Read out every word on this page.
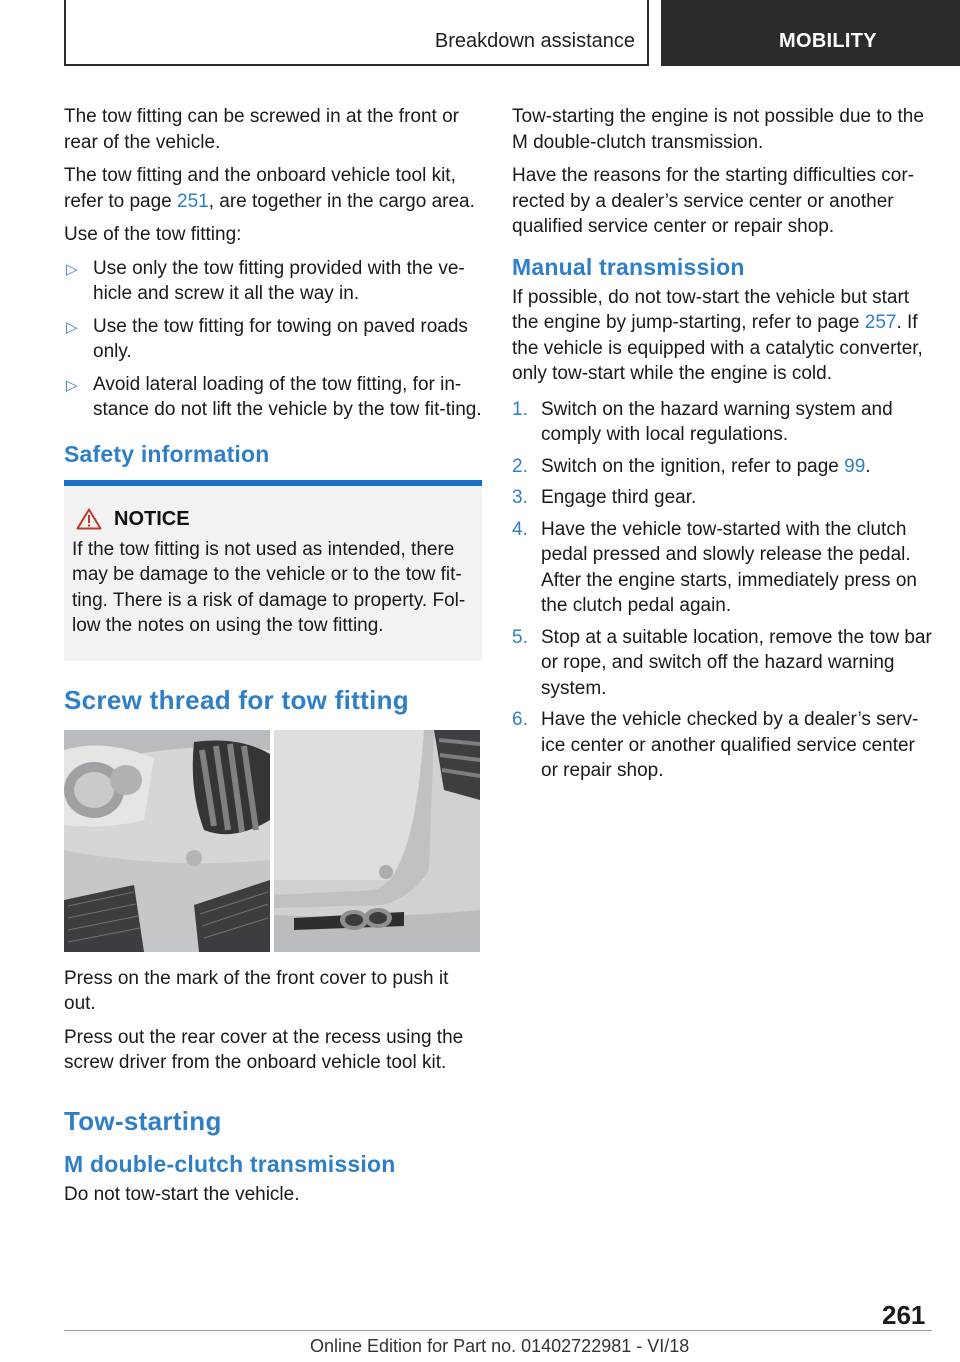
Breakdown assistance	MOBILITY

The tow fitting can be screwed in at the front or rear of the vehicle.

The tow fitting and the onboard vehicle tool kit, refer to page 251, are together in the cargo area.

Use of the tow fitting:

▷ Use only the tow fitting provided with the ve‐hicle and screw it all the way in.
▷ Use the tow fitting for towing on paved roads only.
▷ Avoid lateral loading of the tow fitting, for in‐stance do not lift the vehicle by the tow fit‐ting.
Safety information
NOTICE

If the tow fitting is not used as intended, there may be damage to the vehicle or to the tow fit‐ting. There is a risk of damage to property. Fol‐low the notes on using the tow fitting.

Screw thread for tow fitting

Press on the mark of the front cover to push it out.

Press out the rear cover at the recess using the screw driver from the onboard vehicle tool kit.

Tow-starting
M double-clutch transmission

Do not tow-start the vehicle.

Tow-starting the engine is not possible due to the M double-clutch transmission.

Have the reasons for the starting difficulties cor‐rected by a dealer’s service center or another qualified service center or repair shop.

Manual transmission

If possible, do not tow-start the vehicle but start the engine by jump-starting, refer to page 257. If the vehicle is equipped with a catalytic converter, only tow-start while the engine is cold.

1. Switch on the hazard warning system and comply with local regulations.
2. Switch on the ignition, refer to page 99.
3. Engage third gear.
4. Have the vehicle tow-started with the clutch pedal pressed and slowly release the pedal. After the engine starts, immediately press on the clutch pedal again.
5. Stop at a suitable location, remove the tow bar or rope, and switch off the hazard warning system.
6. Have the vehicle checked by a dealer’s serv‐ice center or another qualified service center or repair shop.
261
Online Edition for Part no. 01402722981 - VI/18
